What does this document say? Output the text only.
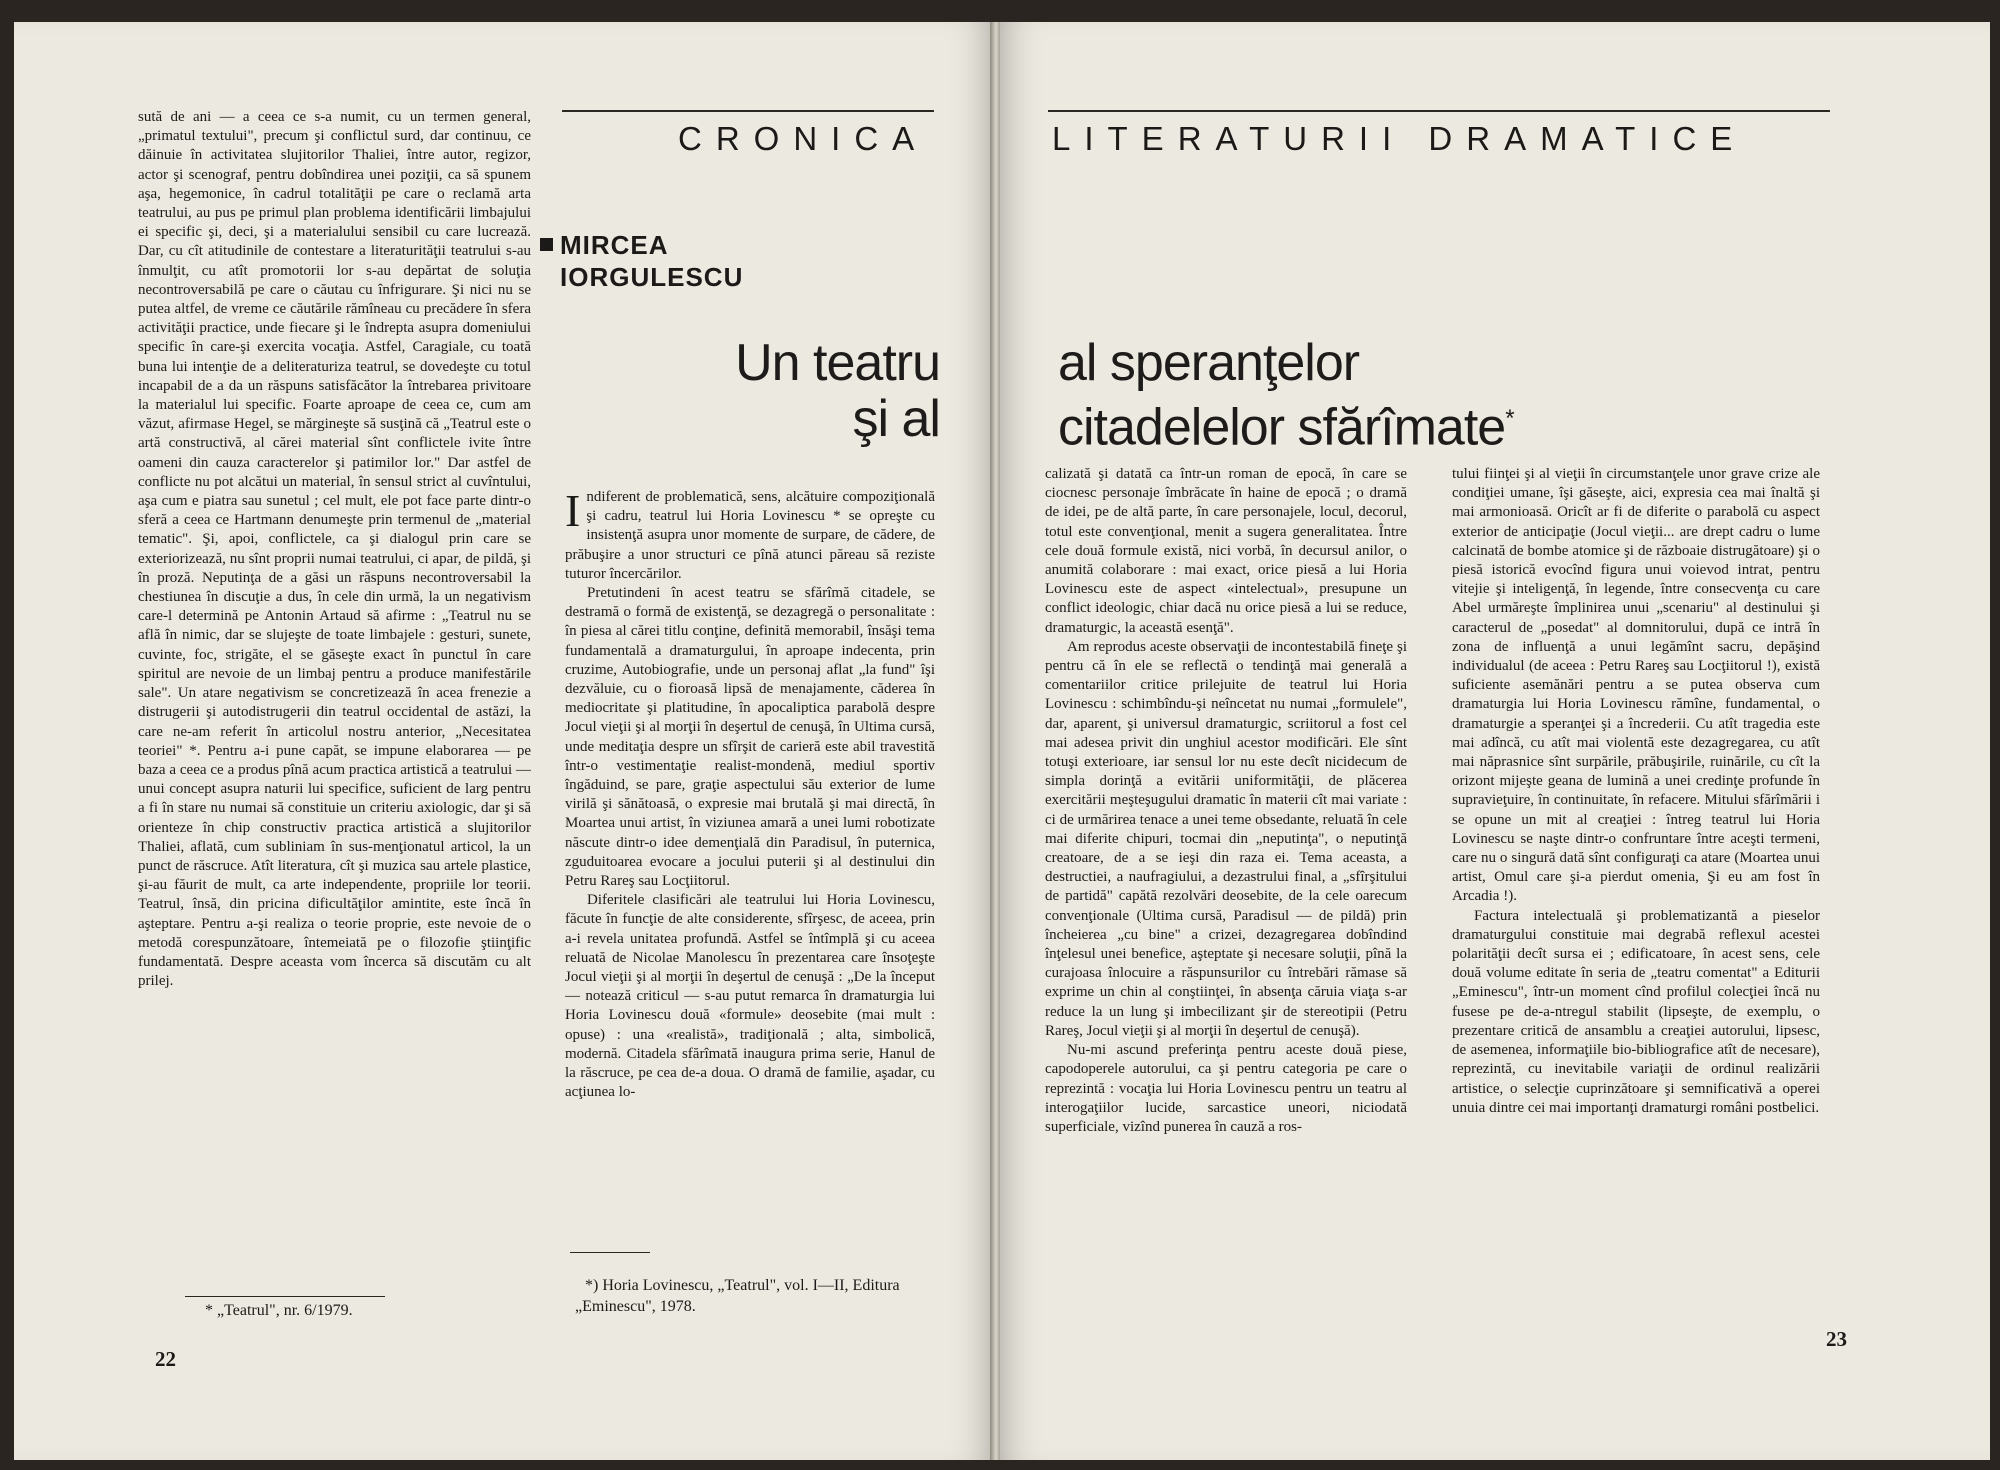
sută de ani — a ceea ce s-a numit, cu un termen general, „primatul textului", precum şi conflictul surd, dar continuu, ce dăinuie în activitatea slujitorilor Thaliei, între autor, regizor, actor şi scenograf, pentru dobîndirea unei poziţii, ca să spunem aşa, hegemonice, în cadrul totalităţii pe care o reclamă arta teatrului, au pus pe primul plan problema identificării limbajului ei specific şi, deci, şi a materialului sensibil cu care lucrează. Dar, cu cît atitudinile de contestare a literaturităţii teatrului s-au înmulţit, cu atît promotorii lor s-au depărtat de soluţia necontroversabilă pe care o căutau cu înfrigurare. Şi nici nu se putea altfel, de vreme ce căutările rămîneau cu precădere în sfera activităţii practice, unde fiecare şi le îndrepta asupra domeniului specific în care-şi exercita vocaţia. Astfel, Caragiale, cu toată buna lui intenţie de a deliteraturiza teatrul, se dovedeşte cu totul incapabil de a da un răspuns satisfăcător la întrebarea privitoare la materialul lui specific. Foarte aproape de ceea ce, cum am văzut, afirmase Hegel, se mărgineşte să susţină că „Teatrul este o artă constructivă, al cărei material sînt conflictele ivite între oameni din cauza caracterelor şi patimilor lor." Dar astfel de conflicte nu pot alcătui un material, în sensul strict al cuvîntului, aşa cum e piatra sau sunetul ; cel mult, ele pot face parte dintr-o sferă a ceea ce Hartmann denumeşte prin termenul de „material tematic". Şi, apoi, conflictele, ca şi dialogul prin care se exteriorizează, nu sînt proprii numai teatrului, ci apar, de pildă, şi în proză. Neputinţa de a găsi un răspuns necontroversabil la chestiunea în discuţie a dus, în cele din urmă, la un negativism care-l determină pe Antonin Artaud să afirme : „Teatrul nu se află în nimic, dar se slujeşte de toate limbajele : gesturi, sunete, cuvinte, foc, strigăte, el se găseşte exact în punctul în care spiritul are nevoie de un limbaj pentru a produce manifestările sale". Un atare negativism se concretizează în acea frenezie a distrugerii şi autodistrugerii din teatrul occidental de astăzi, la care ne-am referit în articolul nostru anterior, „Necesitatea teoriei" *. Pentru a-i pune capăt, se impune elaborarea — pe baza a ceea ce a produs pînă acum practica artistică a teatrului — unui concept asupra naturii lui specifice, suficient de larg pentru a fi în stare nu numai să constituie un criteriu axiologic, dar şi să orienteze în chip constructiv practica artistică a slujitorilor Thaliei, aflată, cum subliniam în sus-menţionatul articol, la un punct de răscruce. Atît literatura, cît şi muzica sau artele plastice, şi-au făurit de mult, ca arte independente, propriile lor teorii. Teatrul, însă, din pricina dificultăţilor amintite, este încă în aşteptare. Pentru a-şi realiza o teorie proprie, este nevoie de o metodă corespunzătoare, întemeiată pe o filozofie ştiinţific fundamentată. Despre aceasta vom încerca să discutăm cu alt prilej.

* „Teatrul", nr. 6/1979.
22
CRONICA	LITERATURII DRAMATICE
MIRCEA
IORGULESCU
Un teatru
şi al
al speranţelor
citadelelor sfărîmate*

Indiferent de problematică, sens, alcătuire compoziţională şi cadru, teatrul lui Horia Lovinescu * se opreşte cu insistenţă asupra unor momente de surpare, de cădere, de prăbuşire a unor structuri ce pînă atunci păreau să reziste tuturor încercărilor.

Pretutindeni în acest teatru se sfărîmă citadele, se destramă o formă de existenţă, se dezagregă o personalitate : în piesa al cărei titlu conţine, definită memorabil, însăşi tema fundamentală a dramaturgului, în aproape indecenta, prin cruzime, Autobiografie, unde un personaj aflat „la fund" îşi dezvăluie, cu o fioroasă lipsă de menajamente, căderea în mediocritate şi platitudine, în apocaliptica parabolă despre Jocul vieţii şi al morţii în deşertul de cenuşă, în Ultima cursă, unde meditaţia despre un sfîrşit de carieră este abil travestită într-o vestimentaţie realist-mondenă, mediul sportiv îngăduind, se pare, graţie aspectului său exterior de lume virilă şi sănătoasă, o expresie mai brutală şi mai directă, în Moartea unui artist, în viziunea amară a unei lumi robotizate născute dintr-o idee demenţială din Paradisul, în puternica, zguduitoarea evocare a jocului puterii şi al destinului din Petru Rareş sau Locţiitorul.

Diferitele clasificări ale teatrului lui Horia Lovinescu, făcute în funcţie de alte considerente, sfîrşesc, de aceea, prin a-i revela unitatea profundă. Astfel se întîmplă şi cu aceea reluată de Nicolae Manolescu în prezentarea care însoţeşte Jocul vieţii şi al morţii în deşertul de cenuşă : „De la început — notează criticul — s-au putut remarca în dramaturgia lui Horia Lovinescu două «formule» deosebite (mai mult : opuse) : una «realistă», tradiţională ; alta, simbolică, modernă. Citadela sfărîmată inaugura prima serie, Hanul de la răscruce, pe cea de-a doua. O dramă de familie, aşadar, cu acţiunea lo-

*) Horia Lovinescu, „Teatrul", vol. I—II, Editura „Eminescu", 1978.

calizată şi datată ca într-un roman de epocă, în care se ciocnesc personaje îmbrăcate în haine de epocă ; o dramă de idei, pe de altă parte, în care personajele, locul, decorul, totul este convenţional, menit a sugera generalitatea. Între cele două formule există, nici vorbă, în decursul anilor, o anumită colaborare : mai exact, orice piesă a lui Horia Lovinescu este de aspect «intelectual», presupune un conflict ideologic, chiar dacă nu orice piesă a lui se reduce, dramaturgic, la această esenţă".

Am reprodus aceste observaţii de incontestabilă fineţe şi pentru că în ele se reflectă o tendinţă mai generală a comentariilor critice prilejuite de teatrul lui Horia Lovinescu : schimbîndu-şi neîncetat nu numai „formulele", dar, aparent, şi universul dramaturgic, scriitorul a fost cel mai adesea privit din unghiul acestor modificări. Ele sînt totuşi exterioare, iar sensul lor nu este decît nicidecum de simpla dorinţă a evitării uniformităţii, de plăcerea exercitării meşteşugului dramatic în materii cît mai variate : ci de urmărirea tenace a unei teme obsedante, reluată în cele mai diferite chipuri, tocmai din „neputinţa", o neputinţă creatoare, de a se ieşi din raza ei. Tema aceasta, a destructiei, a naufragiului, a dezastrului final, a „sfîrşitului de partidă" capătă rezolvări deosebite, de la cele oarecum convenţionale (Ultima cursă, Paradisul — de pildă) prin încheierea „cu bine" a crizei, dezagregarea dobîndind înţelesul unei benefice, aşteptate şi necesare soluţii, pînă la curajoasa înlocuire a răspunsurilor cu întrebări rămase să exprime un chin al conştiinţei, în absenţa căruia viaţa s-ar reduce la un lung şi imbecilizant şir de stereotipii (Petru Rareş, Jocul vieţii şi al morţii în deşertul de cenuşă).

Nu-mi ascund preferinţa pentru aceste două piese, capodoperele autorului, ca şi pentru categoria pe care o reprezintă : vocaţia lui Horia Lovinescu pentru un teatru al interogaţiilor lucide, sarcastice uneori, niciodată superficiale, vizînd punerea în cauză a ros-

tului fiinţei şi al vieţii în circumstanţele unor grave crize ale condiţiei umane, îşi găseşte, aici, expresia cea mai înaltă şi mai armonioasă. Oricît ar fi de diferite o parabolă cu aspect exterior de anticipaţie (Jocul vieţii... are drept cadru o lume calcinată de bombe atomice şi de războaie distrugătoare) şi o piesă istorică evocînd figura unui voievod intrat, pentru vitejie şi inteligenţă, în legende, între consecvenţa cu care Abel urmăreşte împlinirea unui „scenariu" al destinului şi caracterul de „posedat" al domnitorului, după ce intră în zona de influenţă a unui legămînt sacru, depăşind individualul (de aceea : Petru Rareş sau Locţiitorul !), există suficiente asemănări pentru a se putea observa cum dramaturgia lui Horia Lovinescu rămîne, fundamental, o dramaturgie a speranţei şi a încrederii. Cu atît tragedia este mai adîncă, cu atît mai violentă este dezagregarea, cu atît mai năprasnice sînt surpările, prăbuşirile, ruinările, cu cît la orizont mijeşte geana de lumină a unei credinţe profunde în supravieţuire, în continuitate, în refacere. Mitului sfărîmării i se opune un mit al creaţiei : întreg teatrul lui Horia Lovinescu se naşte dintr-o confruntare între aceşti termeni, care nu o singură dată sînt configuraţi ca atare (Moartea unui artist, Omul care şi-a pierdut omenia, Şi eu am fost în Arcadia !).

Factura intelectuală şi problematizantă a pieselor dramaturgului constituie mai degrabă reflexul acestei polarităţii decît sursa ei ; edificatoare, în acest sens, cele două volume editate în seria de „teatru comentat" a Editurii „Eminescu", într-un moment cînd profilul colecţiei încă nu fusese pe de-a-ntregul stabilit (lipseşte, de exemplu, o prezentare critică de ansamblu a creaţiei autorului, lipsesc, de asemenea, informaţiile bio-bibliografice atît de necesare), reprezintă, cu inevitabile variaţii de ordinul realizării artistice, o selecţie cuprinzătoare şi semnificativă a operei unuia dintre cei mai importanţi dramaturgi români postbelici.

23
